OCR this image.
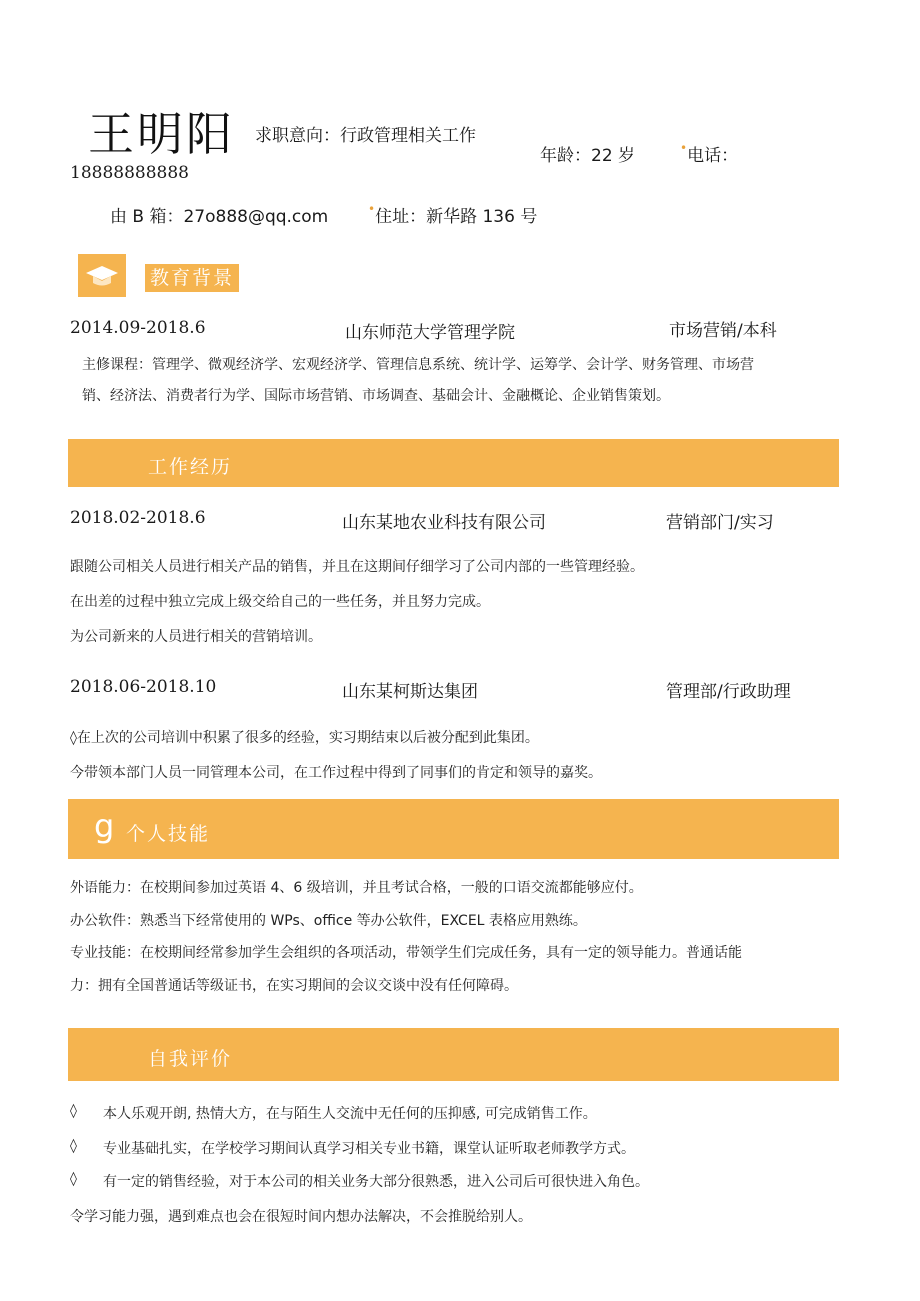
王明阳 求职意向：行政管理相关工作
年龄：22 岁	•电话：
18888888888
由 B 箱：27o888@qq.com	•住址：新华路 136 号
教育背景
2014.09-2018.6	山东师范大学管理学院	市场营销/本科
主修课程：管理学、微观经济学、宏观经济学、管理信息系统、统计学、运筹学、会计学、财务管理、市场营
销、经济法、消费者行为学、国际市场营销、市场调查、基础会计、金融概论、企业销售策划。
工作经历
2018.02-2018.6	山东某地农业科技有限公司	营销部门/实习
跟随公司相关人员进行相关产品的销售，并且在这期间仔细学习了公司内部的一些管理经验。
在出差的过程中独立完成上级交给自己的一些任务，并且努力完成。
为公司新来的人员进行相关的营销培训。
2018.06-2018.10	山东某柯斯达集团	管理部/行政助理
◊在上次的公司培训中积累了很多的经验，实习期结束以后被分配到此集团。
今带领本部门人员一同管理本公司，在工作过程中得到了同事们的肯定和领导的嘉奖。
g 个人技能
外语能力：在校期间参加过英语 4、6 级培训，并且考试合格，一般的口语交流都能够应付。
办公软件：熟悉当下经常使用的 WPs、office 等办公软件，EXCEL 表格应用熟练。
专业技能：在校期间经常参加学生会组织的各项活动，带领学生们完成任务，具有一定的领导能力。普通话能
力：拥有全国普通话等级证书，在实习期间的会议交谈中没有任何障碍。
自我评价
◊	本人乐观开朗, 热情大方，在与陌生人交流中无任何的压抑感, 可完成销售工作。
◊	专业基础扎实，在学校学习期间认真学习相关专业书籍，课堂认证听取老师教学方式。
◊	有一定的销售经验，对于本公司的相关业务大部分很熟悉，进入公司后可很快进入角色。
令学习能力强，遇到难点也会在很短时间内想办法解决，不会推脱给别人。
